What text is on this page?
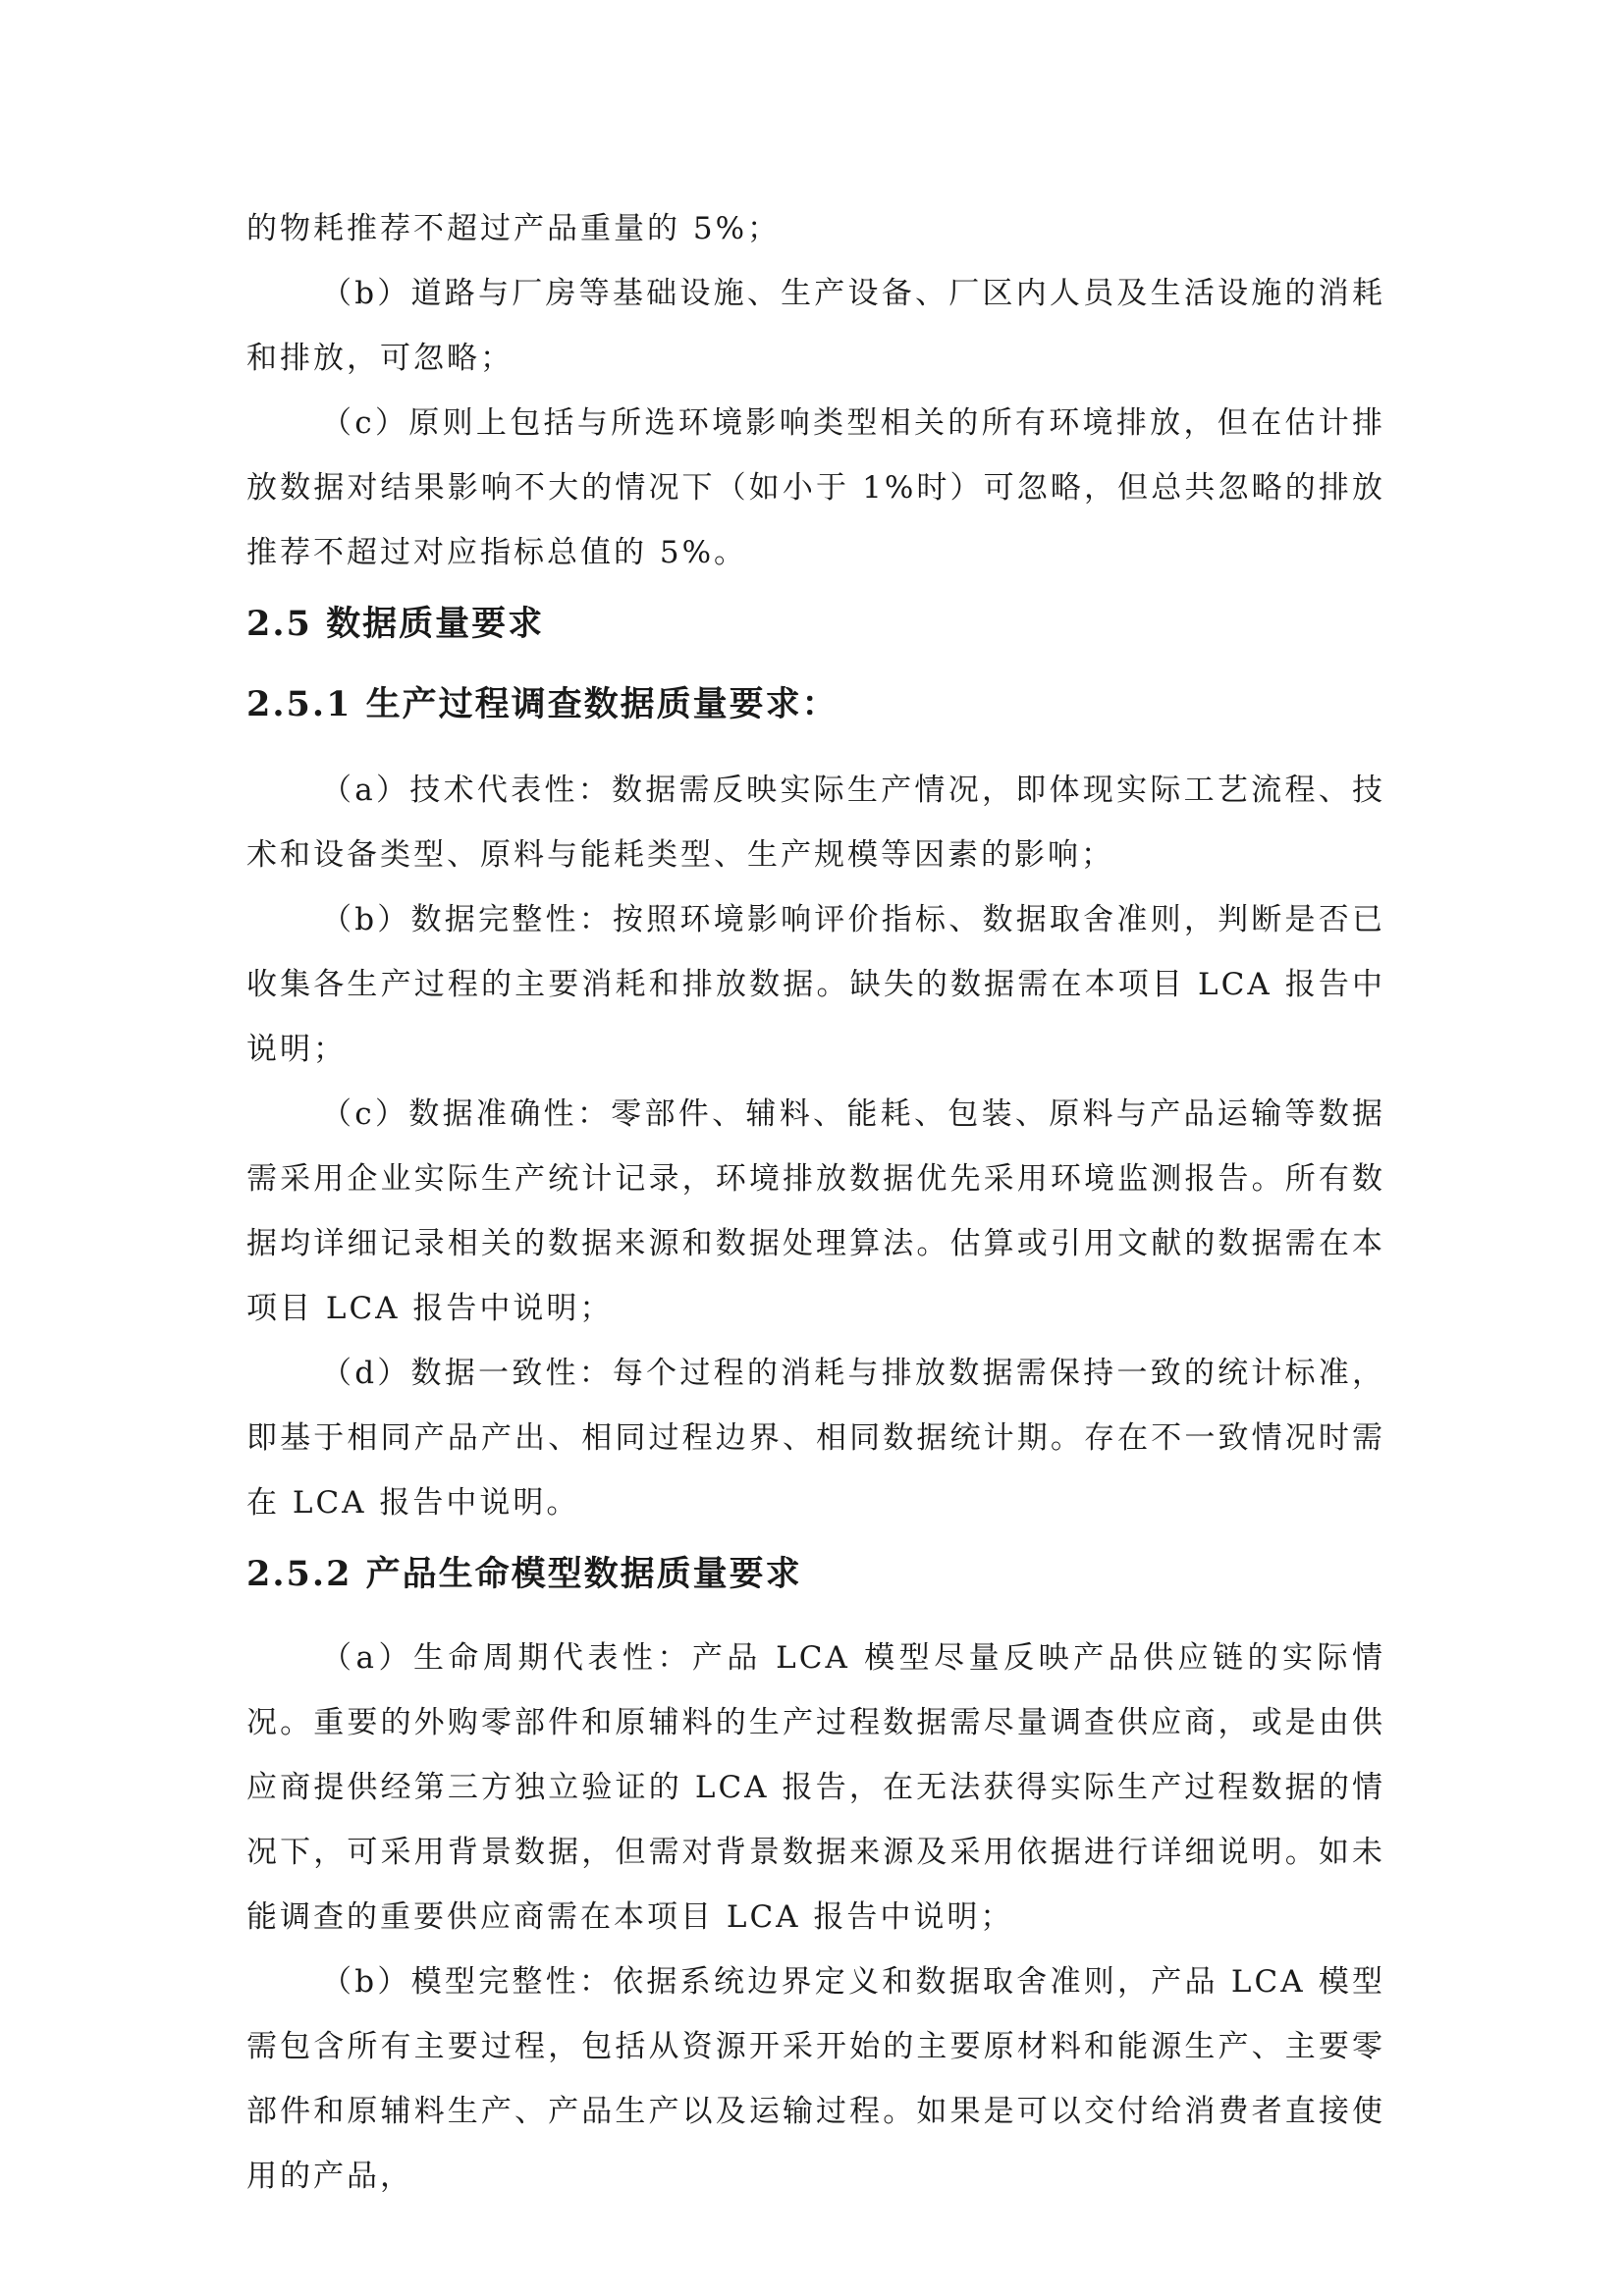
的物耗推荐不超过产品重量的 5%；

（b）道路与厂房等基础设施、生产设备、厂区内人员及生活设施的消耗和排放，可忽略；

（c）原则上包括与所选环境影响类型相关的所有环境排放，但在估计排放数据对结果影响不大的情况下（如小于 1%时）可忽略，但总共忽略的排放推荐不超过对应指标总值的 5%。

2.5 数据质量要求
2.5.1 生产过程调查数据质量要求：

（a）技术代表性：数据需反映实际生产情况，即体现实际工艺流程、技术和设备类型、原料与能耗类型、生产规模等因素的影响；

（b）数据完整性：按照环境影响评价指标、数据取舍准则，判断是否已收集各生产过程的主要消耗和排放数据。缺失的数据需在本项目 LCA 报告中说明；

（c）数据准确性：零部件、辅料、能耗、包装、原料与产品运输等数据需采用企业实际生产统计记录，环境排放数据优先采用环境监测报告。所有数据均详细记录相关的数据来源和数据处理算法。估算或引用文献的数据需在本项目 LCA 报告中说明；

（d）数据一致性：每个过程的消耗与排放数据需保持一致的统计标准，即基于相同产品产出、相同过程边界、相同数据统计期。存在不一致情况时需在 LCA 报告中说明。

2.5.2 产品生命模型数据质量要求

（a）生命周期代表性：产品 LCA 模型尽量反映产品供应链的实际情况。重要的外购零部件和原辅料的生产过程数据需尽量调查供应商，或是由供应商提供经第三方独立验证的 LCA 报告，在无法获得实际生产过程数据的情况下，可采用背景数据，但需对背景数据来源及采用依据进行详细说明。如未能调查的重要供应商需在本项目 LCA 报告中说明；

（b）模型完整性：依据系统边界定义和数据取舍准则，产品 LCA 模型需包含所有主要过程，包括从资源开采开始的主要原材料和能源生产、主要零部件和原辅料生产、产品生产以及运输过程。如果是可以交付给消费者直接使用的产品，
